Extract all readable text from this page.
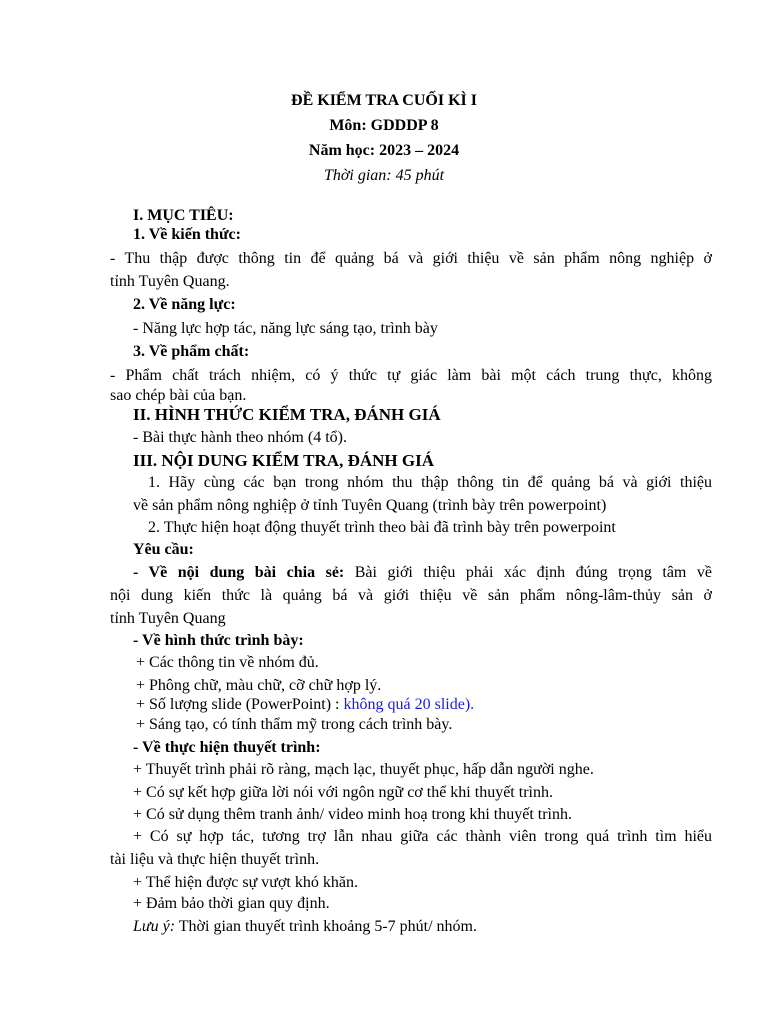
ĐỀ KIỂM TRA CUỐI KÌ I
Môn: GDDDP 8
Năm học: 2023 – 2024
Thời gian: 45 phút
I. MỤC TIÊU:
1. Về kiến thức:
- Thu thập được thông tin để quảng bá và giới thiệu về sản phẩm nông nghiệp ở
tỉnh Tuyên Quang.
2. Về năng lực:
- Năng lực hợp tác, năng lực sáng tạo, trình bày
3. Về phẩm chất:
- Phẩm chất trách nhiệm, có ý thức tự giác làm bài một cách trung thực, không
sao chép bài của bạn.
II. HÌNH THỨC KIỂM TRA, ĐÁNH GIÁ
- Bài thực hành theo nhóm (4 tổ).
III. NỘI DUNG KIỂM TRA, ĐÁNH GIÁ
1. Hãy cùng các bạn trong nhóm thu thập thông tin để quảng bá và giới thiệu
về sản phẩm nông nghiệp ở tỉnh Tuyên Quang (trình bày trên powerpoint)
2. Thực hiện hoạt động thuyết trình theo bài đã trình bày trên powerpoint
Yêu cầu:
- Về nội dung bài chia sẻ: Bài giới thiệu phải xác định đúng trọng tâm về
nội dung kiến thức là quảng bá và giới thiệu về sản phẩm nông-lâm-thủy sản ở
tỉnh Tuyên Quang
- Về hình thức trình bày:
+ Các thông tin về nhóm đủ.
+ Phông chữ, màu chữ, cỡ chữ hợp lý.
+ Số lượng slide (PowerPoint) : không quá 20 slide).
+ Sáng tạo, có tính thẩm mỹ trong cách trình bày.
- Về thực hiện thuyết trình:
+ Thuyết trình phải rõ ràng, mạch lạc, thuyết phục, hấp dẫn người nghe.
+ Có sự kết hợp giữa lời nói với ngôn ngữ cơ thể khi thuyết trình.
+ Có sử dụng thêm tranh ảnh/ video minh hoạ trong khi thuyết trình.
+ Có sự hợp tác, tương trợ lẫn nhau giữa các thành viên trong quá trình tìm hiểu
tài liệu và thực hiện thuyết trình.
+ Thể hiện được sự vượt khó khăn.
+ Đảm bảo thời gian quy định.
Lưu ý: Thời gian thuyết trình khoảng 5-7 phút/ nhóm.
